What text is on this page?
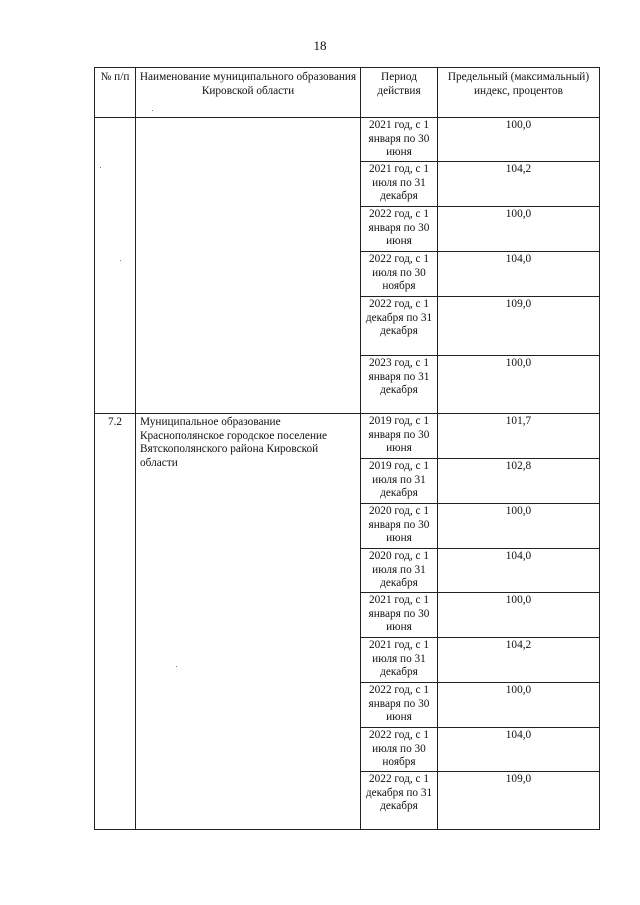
18
№ п/п	Наименование муниципального образования Кировской области	Период действия	Предельный (максимальный) индекс, процентов
		2021 год, с 1 января по 30 июня	100,0
		2021 год, с 1 июля по 31 декабря	104,2
		2022 год, с 1 января по 30 июня	100,0
		2022 год, с 1 июля по 30 ноября	104,0
		2022 год, с 1 декабря по 31 декабря	109,0
		2023 год, с 1 января по 31 декабря	100,0
7.2	Муниципальное образование Краснополянское городское поселение Вятскополянского района Кировской области	2019 год, с 1 января по 30 июня	101,7
		2019 год, с 1 июля по 31 декабря	102,8
		2020 год, с 1 января по 30 июня	100,0
		2020 год, с 1 июля по 31 декабря	104,0
		2021 год, с 1 января по 30 июня	100,0
		2021 год, с 1 июля по 31 декабря	104,2
		2022 год, с 1 января по 30 июня	100,0
		2022 год, с 1 июля по 30 ноября	104,0
		2022 год, с 1 декабря по 31 декабря	109,0
